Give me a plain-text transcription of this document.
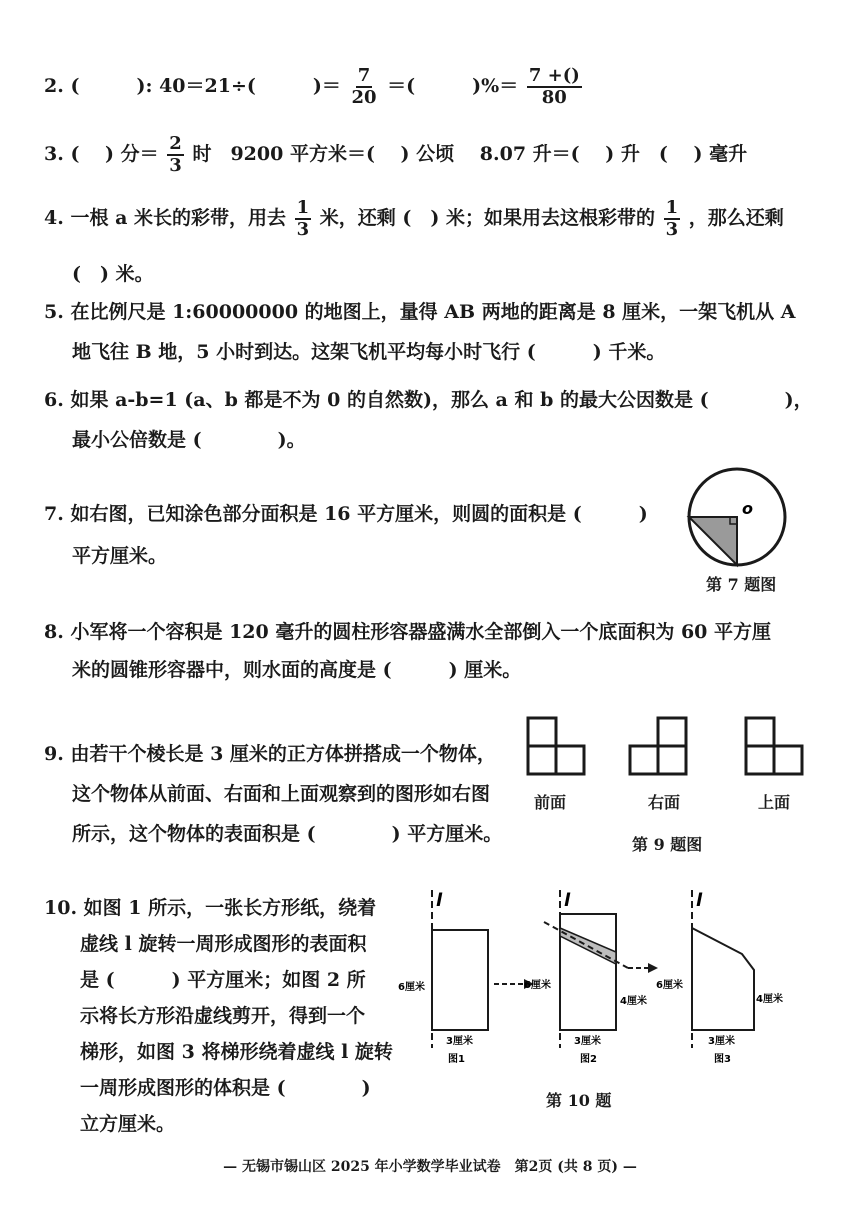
2. (　　　): 40＝21÷(　　　)＝ $\frac{7}{20}$ ＝(　　　)%＝ $\frac{7 +()}{80}$
3. (　 ) 分＝ $\frac{2}{3}$ 时　9200 平方米＝(　 ) 公顷　 8.07 升＝(　 ) 升　(　 ) 毫升
4. 一根 a 米长的彩带，用去 $\frac{1}{3}$ 米，还剩 (　) 米；如果用去这根彩带的 $\frac{1}{3}$ ，那么还剩
(　) 米。
5. 在比例尺是 1:60000000 的地图上，量得 AB 两地的距离是 8 厘米，一架飞机从 A
地飞往 B 地，5 小时到达。这架飞机平均每小时飞行 (　　　) 千米。
6. 如果 a-b=1 (a、b 都是不为 0 的自然数)，那么 a 和 b 的最大公因数是 (　　　　)，
最小公倍数是 (　　　　)。
7. 如右图，已知涂色部分面积是 16 平方厘米，则圆的面积是 (　　　)
平方厘米。
o
第 7 题图
8. 小军将一个容积是 120 毫升的圆柱形容器盛满水全部倒入一个底面积为 60 平方厘
米的圆锥形容器中，则水面的高度是 (　　　) 厘米。
9. 由若干个棱长是 3 厘米的正方体拼搭成一个物体，
这个物体从前面、右面和上面观察到的图形如右图
所示，这个物体的表面积是 (　　　　) 平方厘米。
前面	右面	上面
第 9 题图
10. 如图 1 所示，一张长方形纸，绕着
虚线 l 旋转一周形成图形的表面积
是 (　　　) 平方厘米；如图 2 所
示将长方形沿虚线剪开，得到一个
梯形，如图 3 将梯形绕着虚线 l 旋转
一周形成图形的体积是 (　　　　)
立方厘米。
l
6厘米
3厘米
图1
l
6厘米
4厘米
3厘米
图2
l
6厘米
4厘米
3厘米
图3
第 10 题
— 无锡市锡山区 2025 年小学数学毕业试卷　第2页 (共 8 页) —
